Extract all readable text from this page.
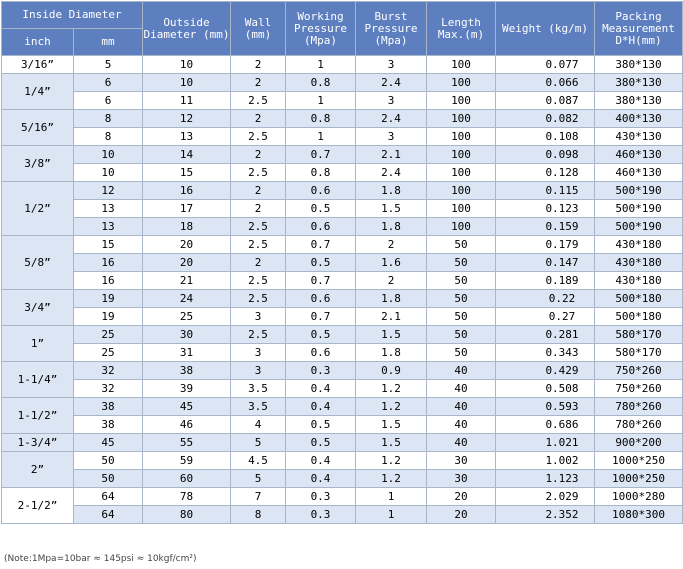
Inside Diameter		Outside Diameter (mm)	Wall (mm)	Working Pressure (Mpa)	Burst Pressure (Mpa)	Length Max.(m)	Weight (kg/m)	Packing Measurement D*H(mm)
inch	mm							
3/16”	5	10	2	1	3	100	0.077	380*130
1/4”	6	10	2	0.8	2.4	100	0.066	380*130
	6	11	2.5	1	3	100	0.087	380*130
5/16”	8	12	2	0.8	2.4	100	0.082	400*130
	8	13	2.5	1	3	100	0.108	430*130
3/8”	10	14	2	0.7	2.1	100	0.098	460*130
	10	15	2.5	0.8	2.4	100	0.128	460*130
1/2”	12	16	2	0.6	1.8	100	0.115	500*190
	13	17	2	0.5	1.5	100	0.123	500*190
	13	18	2.5	0.6	1.8	100	0.159	500*190
5/8”	15	20	2.5	0.7	2	50	0.179	430*180
	16	20	2	0.5	1.6	50	0.147	430*180
	16	21	2.5	0.7	2	50	0.189	430*180
3/4”	19	24	2.5	0.6	1.8	50	0.22	500*180
	19	25	3	0.7	2.1	50	0.27	500*180
1”	25	30	2.5	0.5	1.5	50	0.281	580*170
	25	31	3	0.6	1.8	50	0.343	580*170
1-1/4”	32	38	3	0.3	0.9	40	0.429	750*260
	32	39	3.5	0.4	1.2	40	0.508	750*260
1-1/2”	38	45	3.5	0.4	1.2	40	0.593	780*260
	38	46	4	0.5	1.5	40	0.686	780*260
1-3/4”	45	55	5	0.5	1.5	40	1.021	900*200
2”	50	59	4.5	0.4	1.2	30	1.002	1000*250
	50	60	5	0.4	1.2	30	1.123	1000*250
2-1/2”	64	78	7	0.3	1	20	2.029	1000*280
	64	80	8	0.3	1	20	2.352	1080*300
(Note:1Mpa=10bar ≈ 145psi ≈ 10kgf/cm²)
